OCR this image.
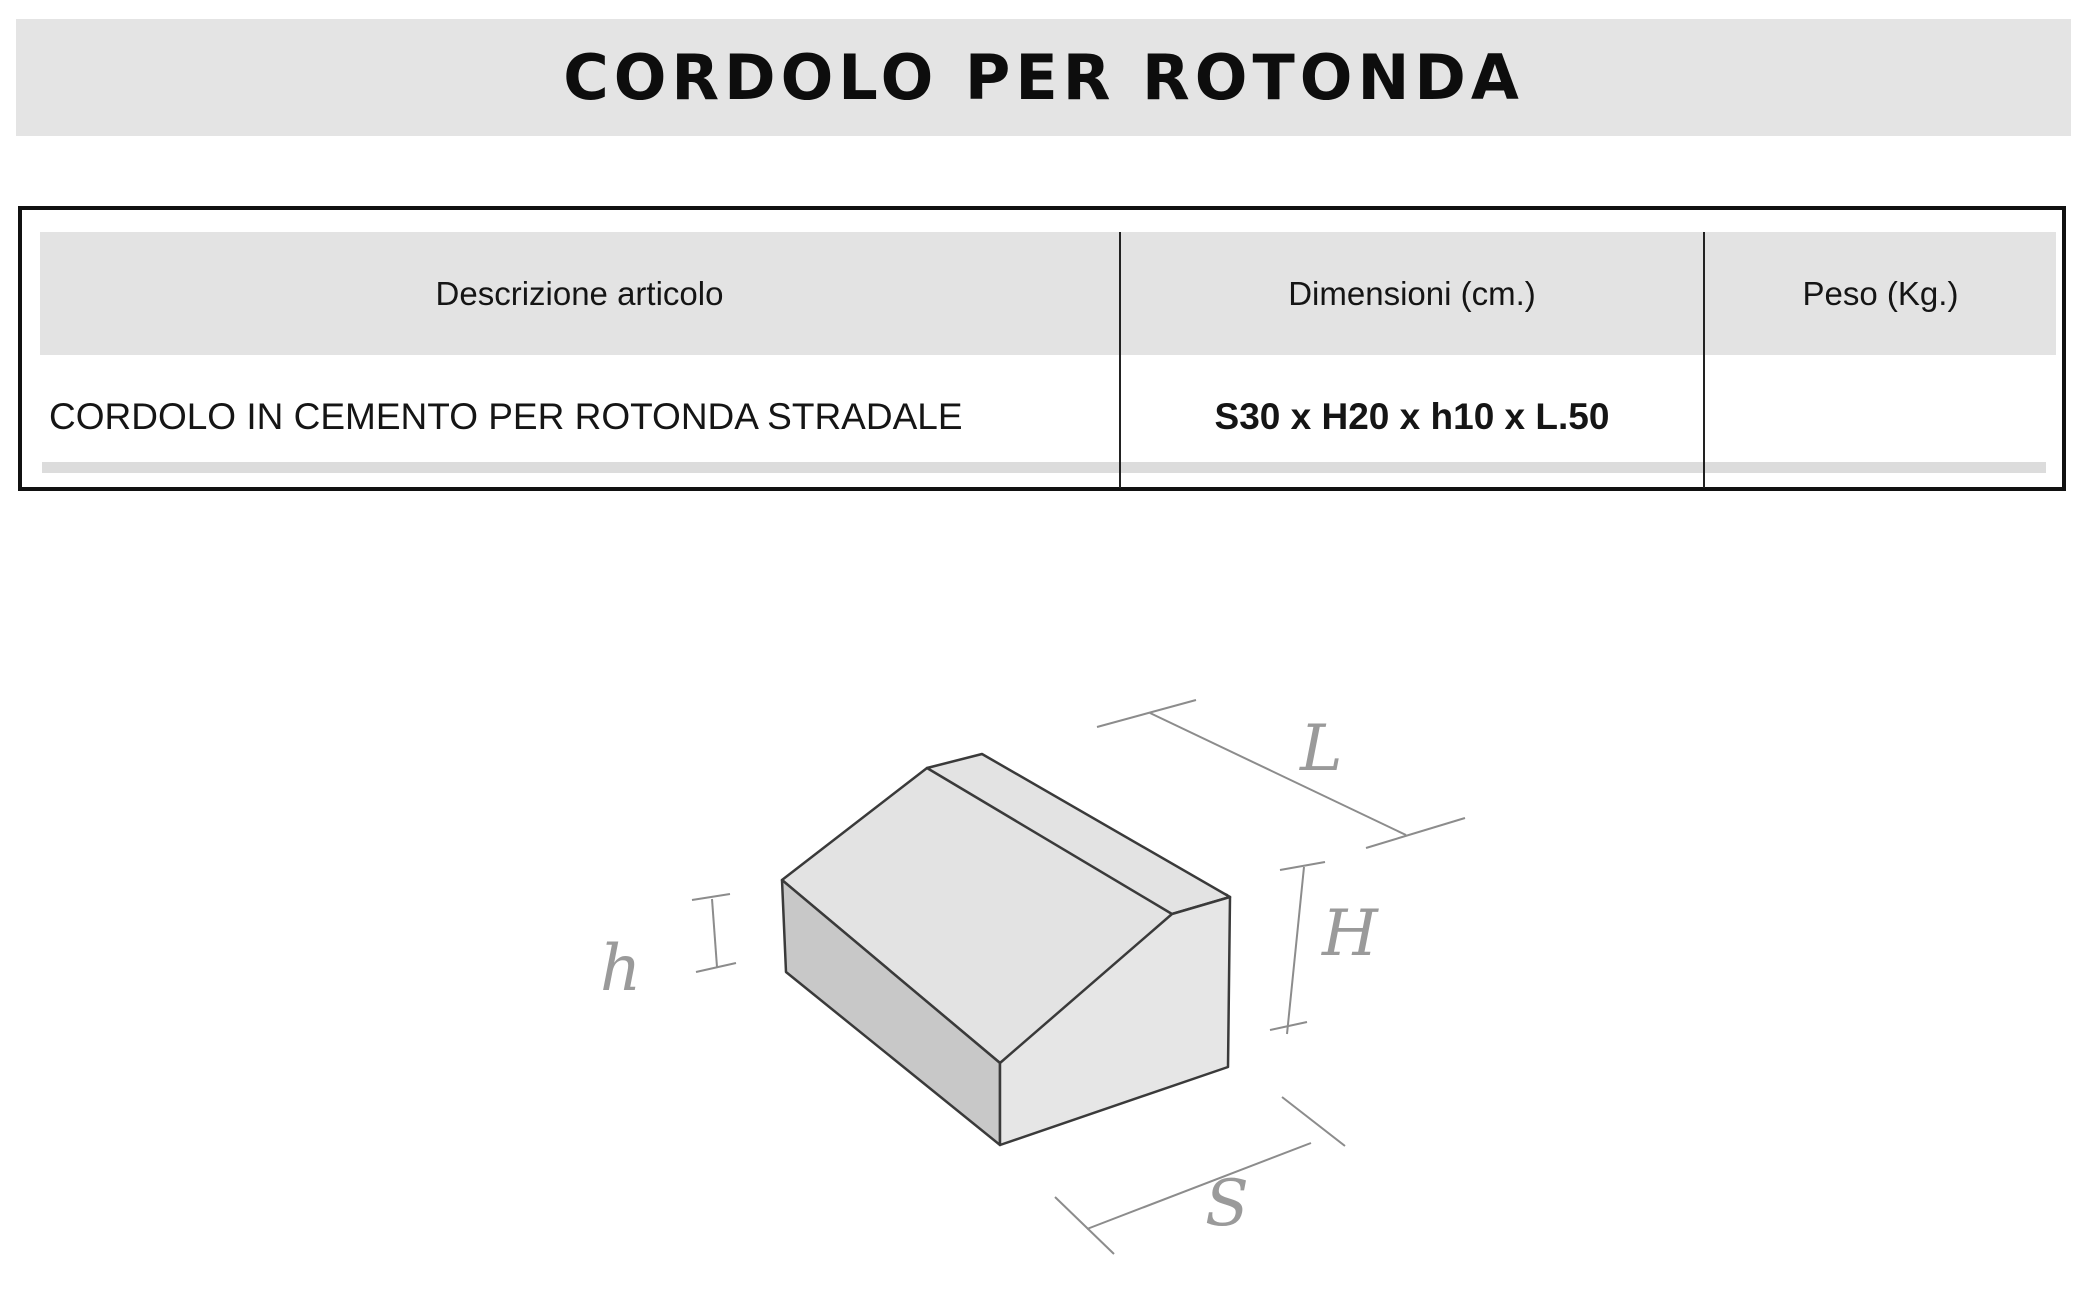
CORDOLO PER ROTONDA
Descrizione articolo	Dimensioni (cm.)	Peso (Kg.)
CORDOLO IN CEMENTO PER ROTONDA STRADALE	S30 x H20 x h10 x L.50
L
H
h
S
